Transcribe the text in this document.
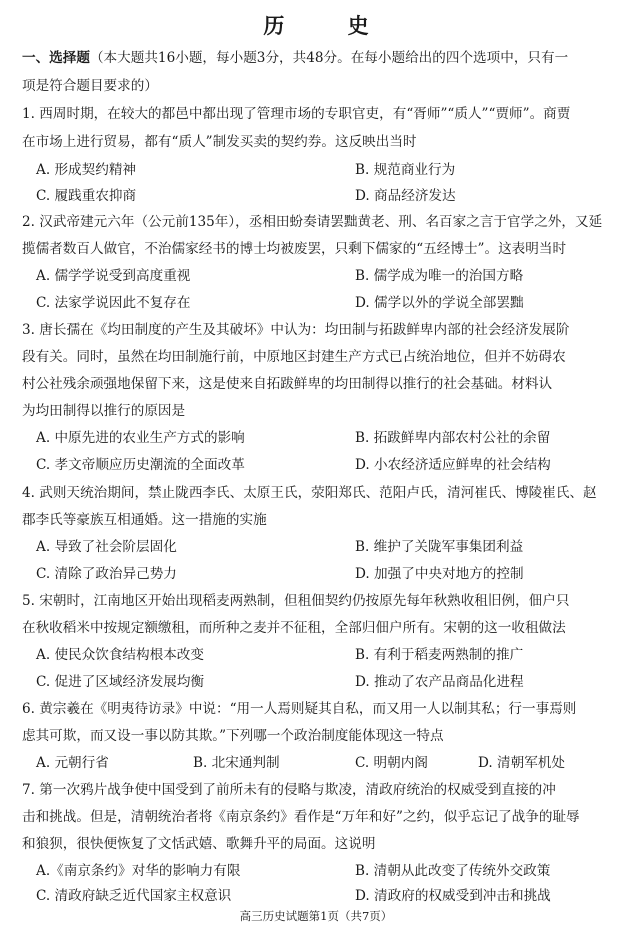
历 史
一、选择题（本大题共16小题，每小题3分，共48分。在每小题给出的四个选项中，只有一
项是符合题目要求的）
1. 西周时期，在较大的都邑中都出现了管理市场的专职官吏，有“胥师”“质人”“贾师”。商贾
在市场上进行贸易，都有“质人”制发买卖的契约券。这反映出当时
A. 形成契约精神	B. 规范商业行为
C. 履践重农抑商	D. 商品经济发达
2. 汉武帝建元六年（公元前135年），丞相田蚡奏请罢黜黄老、刑、名百家之言于官学之外，又延
揽儒者数百人做官，不治儒家经书的博士均被废罢，只剩下儒家的“五经博士”。这表明当时
A. 儒学学说受到高度重视	B. 儒学成为唯一的治国方略
C. 法家学说因此不复存在	D. 儒学以外的学说全部罢黜
3. 唐长孺在《均田制度的产生及其破坏》中认为：均田制与拓跋鲜卑内部的社会经济发展阶
段有关。同时，虽然在均田制施行前，中原地区封建生产方式已占统治地位，但并不妨碍农
村公社残余顽强地保留下来，这是使来自拓跋鲜卑的均田制得以推行的社会基础。材料认
为均田制得以推行的原因是
A. 中原先进的农业生产方式的影响	B. 拓跋鲜卑内部农村公社的余留
C. 孝文帝顺应历史潮流的全面改革	D. 小农经济适应鲜卑的社会结构
4. 武则天统治期间，禁止陇西李氏、太原王氏，荥阳郑氏、范阳卢氏，清河崔氏、博陵崔氏、赵
郡李氏等豪族互相通婚。这一措施的实施
A. 导致了社会阶层固化	B. 维护了关陇军事集团利益
C. 清除了政治异己势力	D. 加强了中央对地方的控制
5. 宋朝时，江南地区开始出现稻麦两熟制，但租佃契约仍按原先每年秋熟收租旧例，佃户只
在秋收稻米中按规定额缴租，而所种之麦并不征租，全部归佃户所有。宋朝的这一收租做法
A. 使民众饮食结构根本改变	B. 有利于稻麦两熟制的推广
C. 促进了区域经济发展均衡	D. 推动了农产品商品化进程
6. 黄宗羲在《明夷待访录》中说：“用一人焉则疑其自私，而又用一人以制其私；行一事焉则
虑其可欺，而又设一事以防其欺。”下列哪一个政治制度能体现这一特点
A. 元朝行省	B. 北宋通判制	C. 明朝内阁	D. 清朝军机处
7. 第一次鸦片战争使中国受到了前所未有的侵略与欺凌，清政府统治的权威受到直接的冲
击和挑战。但是，清朝统治者将《南京条约》看作是“万年和好”之约，似乎忘记了战争的耻辱
和狼狈，很快便恢复了文恬武嬉、歌舞升平的局面。这说明
A.《南京条约》对华的影响力有限	B. 清朝从此改变了传统外交政策
C. 清政府缺乏近代国家主权意识	D. 清政府的权威受到冲击和挑战
高三历史试题第1页（共7页）
